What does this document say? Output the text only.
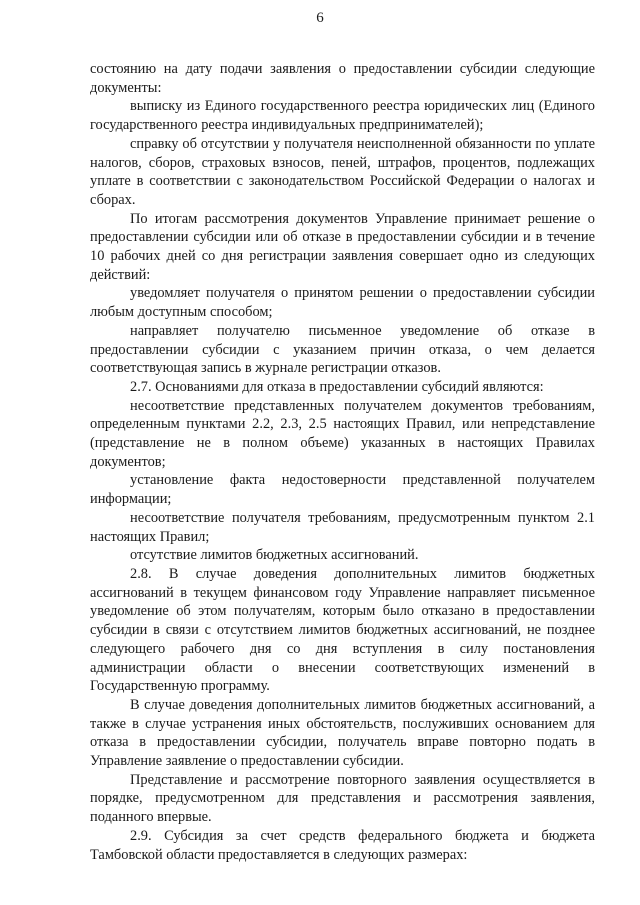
6

состоянию на дату подачи заявления о предоставлении субсидии следующие документы:

выписку из Единого государственного реестра юридических лиц (Единого государственного реестра индивидуальных предпринимателей);

справку об отсутствии у получателя неисполненной обязанности по уплате налогов, сборов, страховых взносов, пеней, штрафов, процентов, подлежащих уплате в соответствии с законодательством Российской Федерации о налогах и сборах.

По итогам рассмотрения документов Управление принимает решение о предоставлении субсидии или об отказе в предоставлении субсидии и в течение 10 рабочих дней со дня регистрации заявления совершает одно из следующих действий:

уведомляет получателя о принятом решении о предоставлении субсидии любым доступным способом;

направляет получателю письменное уведомление об отказе в предоставлении субсидии с указанием причин отказа, о чем делается соответствующая запись в журнале регистрации отказов.

2.7. Основаниями для отказа в предоставлении субсидий являются:

несоответствие представленных получателем документов требованиям, определенным пунктами 2.2, 2.3, 2.5 настоящих Правил, или непредставление (представление не в полном объеме) указанных в настоящих Правилах документов;

установление факта недостоверности представленной получателем информации;

несоответствие получателя требованиям, предусмотренным пунктом 2.1 настоящих Правил;

отсутствие лимитов бюджетных ассигнований.

2.8. В случае доведения дополнительных лимитов бюджетных ассигнований в текущем финансовом году Управление направляет письменное уведомление об этом получателям, которым было отказано в предоставлении субсидии в связи с отсутствием лимитов бюджетных ассигнований, не позднее следующего рабочего дня со дня вступления в силу постановления администрации области о внесении соответствующих изменений в Государственную программу.

В случае доведения дополнительных лимитов бюджетных ассигнований, а также в случае устранения иных обстоятельств, послуживших основанием для отказа в предоставлении субсидии, получатель вправе повторно подать в Управление заявление о предоставлении субсидии.

Представление и рассмотрение повторного заявления осуществляется в порядке, предусмотренном для представления и рассмотрения заявления, поданного впервые.

2.9. Субсидия за счет средств федерального бюджета и бюджета Тамбовской области предоставляется в следующих размерах:
